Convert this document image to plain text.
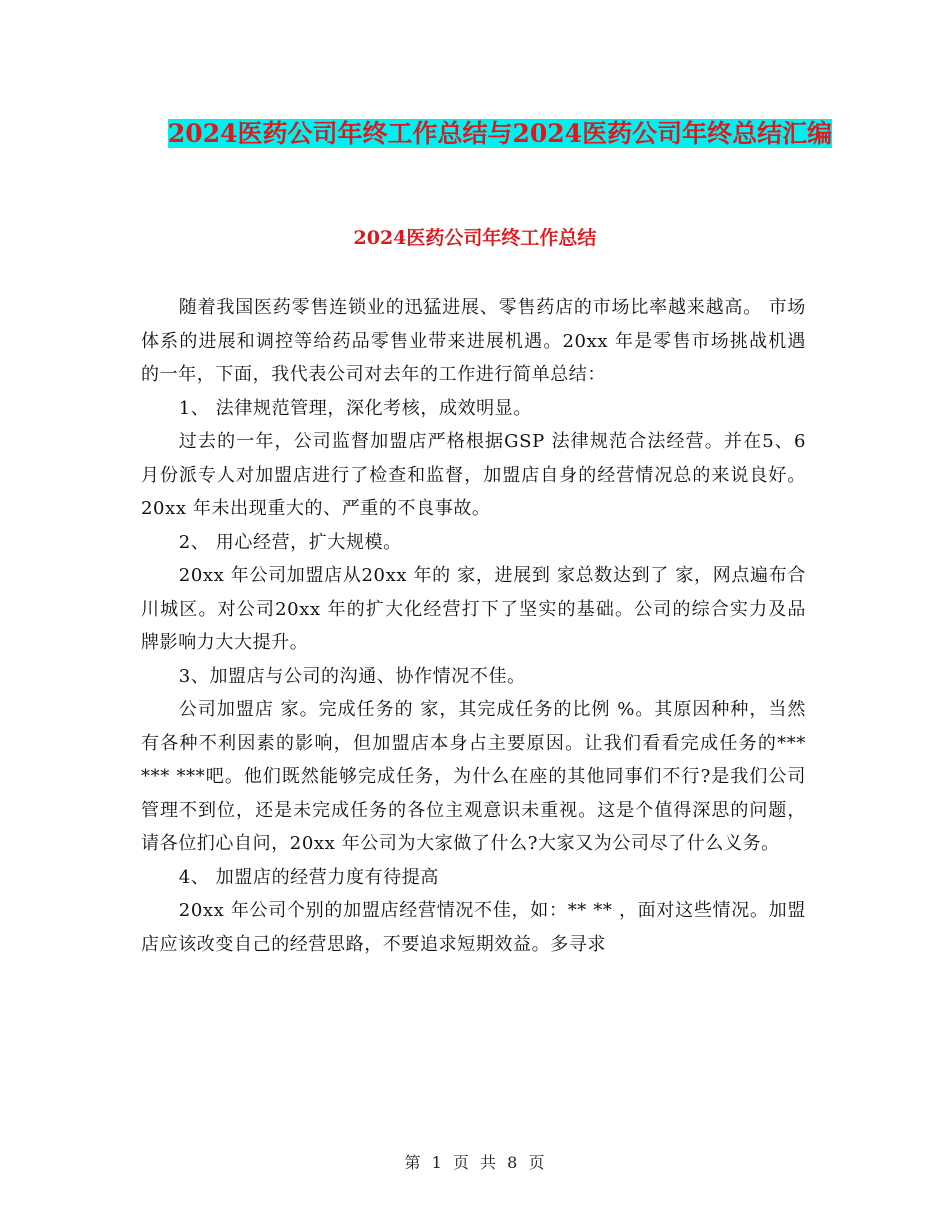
2024医药公司年终工作总结与2024医药公司年终总结汇编
2024医药公司年终工作总结

随着我国医药零售连锁业的迅猛进展、零售药店的市场比率越来越高。 市场体系的进展和调控等给药品零售业带来进展机遇。20xx 年是零售市场挑战机遇的一年，下面，我代表公司对去年的工作进行简单总结：

1、 法律规范管理，深化考核，成效明显。

过去的一年，公司监督加盟店严格根据GSP 法律规范合法经营。并在5、6 月份派专人对加盟店进行了检查和监督，加盟店自身的经营情况总的来说良好。20xx 年未出现重大的、严重的不良事故。

2、 用心经营，扩大规模。

20xx 年公司加盟店从20xx 年的 家，进展到 家总数达到了 家，网点遍布合川城区。对公司20xx 年的扩大化经营打下了坚实的基础。公司的综合实力及品牌影响力大大提升。

3、加盟店与公司的沟通、协作情况不佳。

公司加盟店 家。完成任务的 家，其完成任务的比例 %。其原因种种，当然有各种不利因素的影响，但加盟店本身占主要原因。让我们看看完成任务的*** *** ***吧。他们既然能够完成任务，为什么在座的其他同事们不行?是我们公司管理不到位，还是未完成任务的各位主观意识未重视。这是个值得深思的问题，请各位扪心自问，20xx 年公司为大家做了什么?大家又为公司尽了什么义务。

4、 加盟店的经营力度有待提高

20xx 年公司个别的加盟店经营情况不佳，如：** ** ，面对这些情况。加盟店应该改变自己的经营思路，不要追求短期效益。多寻求

第 1 页 共 8 页
